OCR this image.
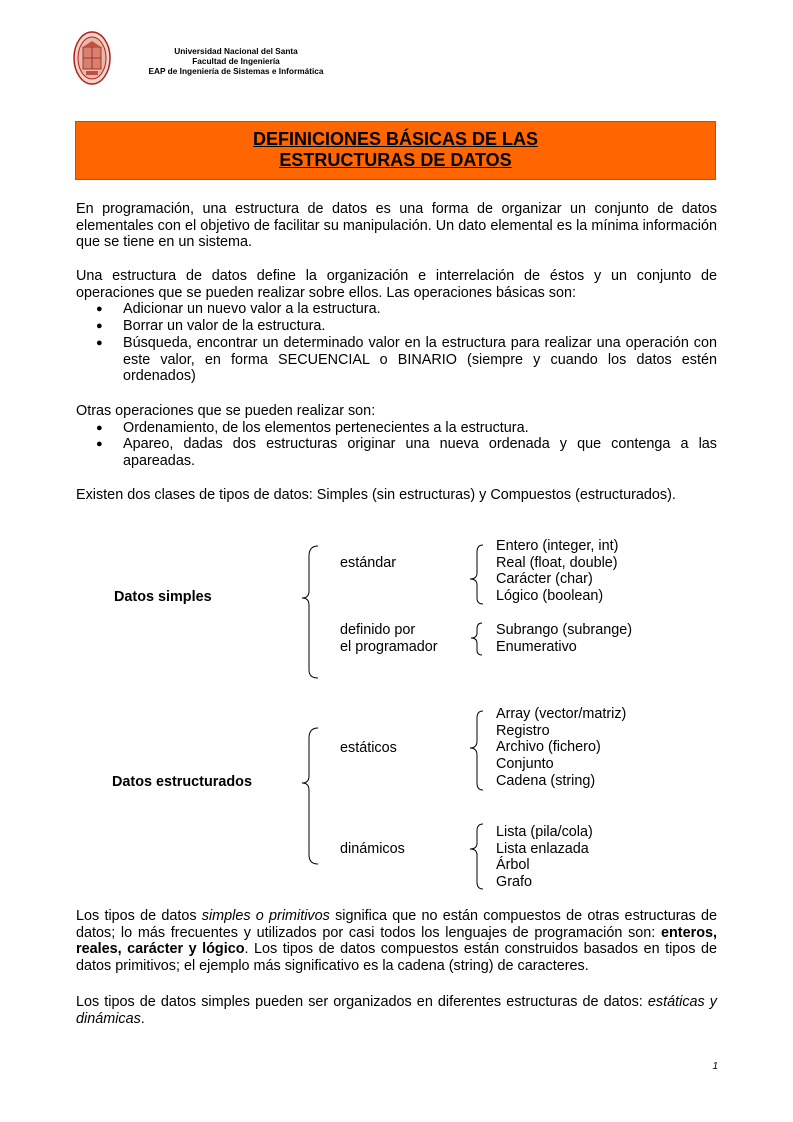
Universidad Nacional del Santa
Facultad de Ingeniería
EAP de Ingeniería de Sistemas e Informática
DEFINICIONES BÁSICAS DE LAS
ESTRUCTURAS DE DATOS
En programación, una estructura de datos es una forma de organizar un conjunto de datos elementales con el objetivo de facilitar su manipulación. Un dato elemental es la mínima información que se tiene en un sistema.
Una estructura de datos define la organización e interrelación de éstos y un conjunto de operaciones que se pueden realizar sobre ellos. Las operaciones básicas son:
● Adicionar un nuevo valor a la estructura.
● Borrar un valor de la estructura.
● Búsqueda, encontrar un determinado valor en la estructura para realizar una operación con este valor, en forma SECUENCIAL o BINARIO (siempre y cuando los datos estén ordenados)
Otras operaciones que se pueden realizar son:
● Ordenamiento, de los elementos pertenecientes a la estructura.
● Apareo, dadas dos estructuras originar una nueva ordenada y que contenga a las apareadas.
Existen dos clases de tipos de datos: Simples (sin estructuras) y Compuestos (estructurados).
Datos simples
estándar
Entero (integer, int)
Real (float, double)
Carácter (char)
Lógico (boolean)
definido por
el programador
Subrango (subrange)
Enumerativo
Datos estructurados
estáticos
Array (vector/matriz)
Registro
Archivo (fichero)
Conjunto
Cadena (string)
dinámicos
Lista (pila/cola)
Lista enlazada
Árbol
Grafo
Los tipos de datos simples o primitivos significa que no están compuestos de otras estructuras de datos; lo más frecuentes y utilizados por casi todos los lenguajes de programación son: enteros, reales, carácter y lógico. Los tipos de datos compuestos están construidos basados en tipos de datos primitivos; el ejemplo más significativo es la cadena (string) de caracteres.
Los tipos de datos simples pueden ser organizados en diferentes estructuras de datos: estáticas y dinámicas.
1
